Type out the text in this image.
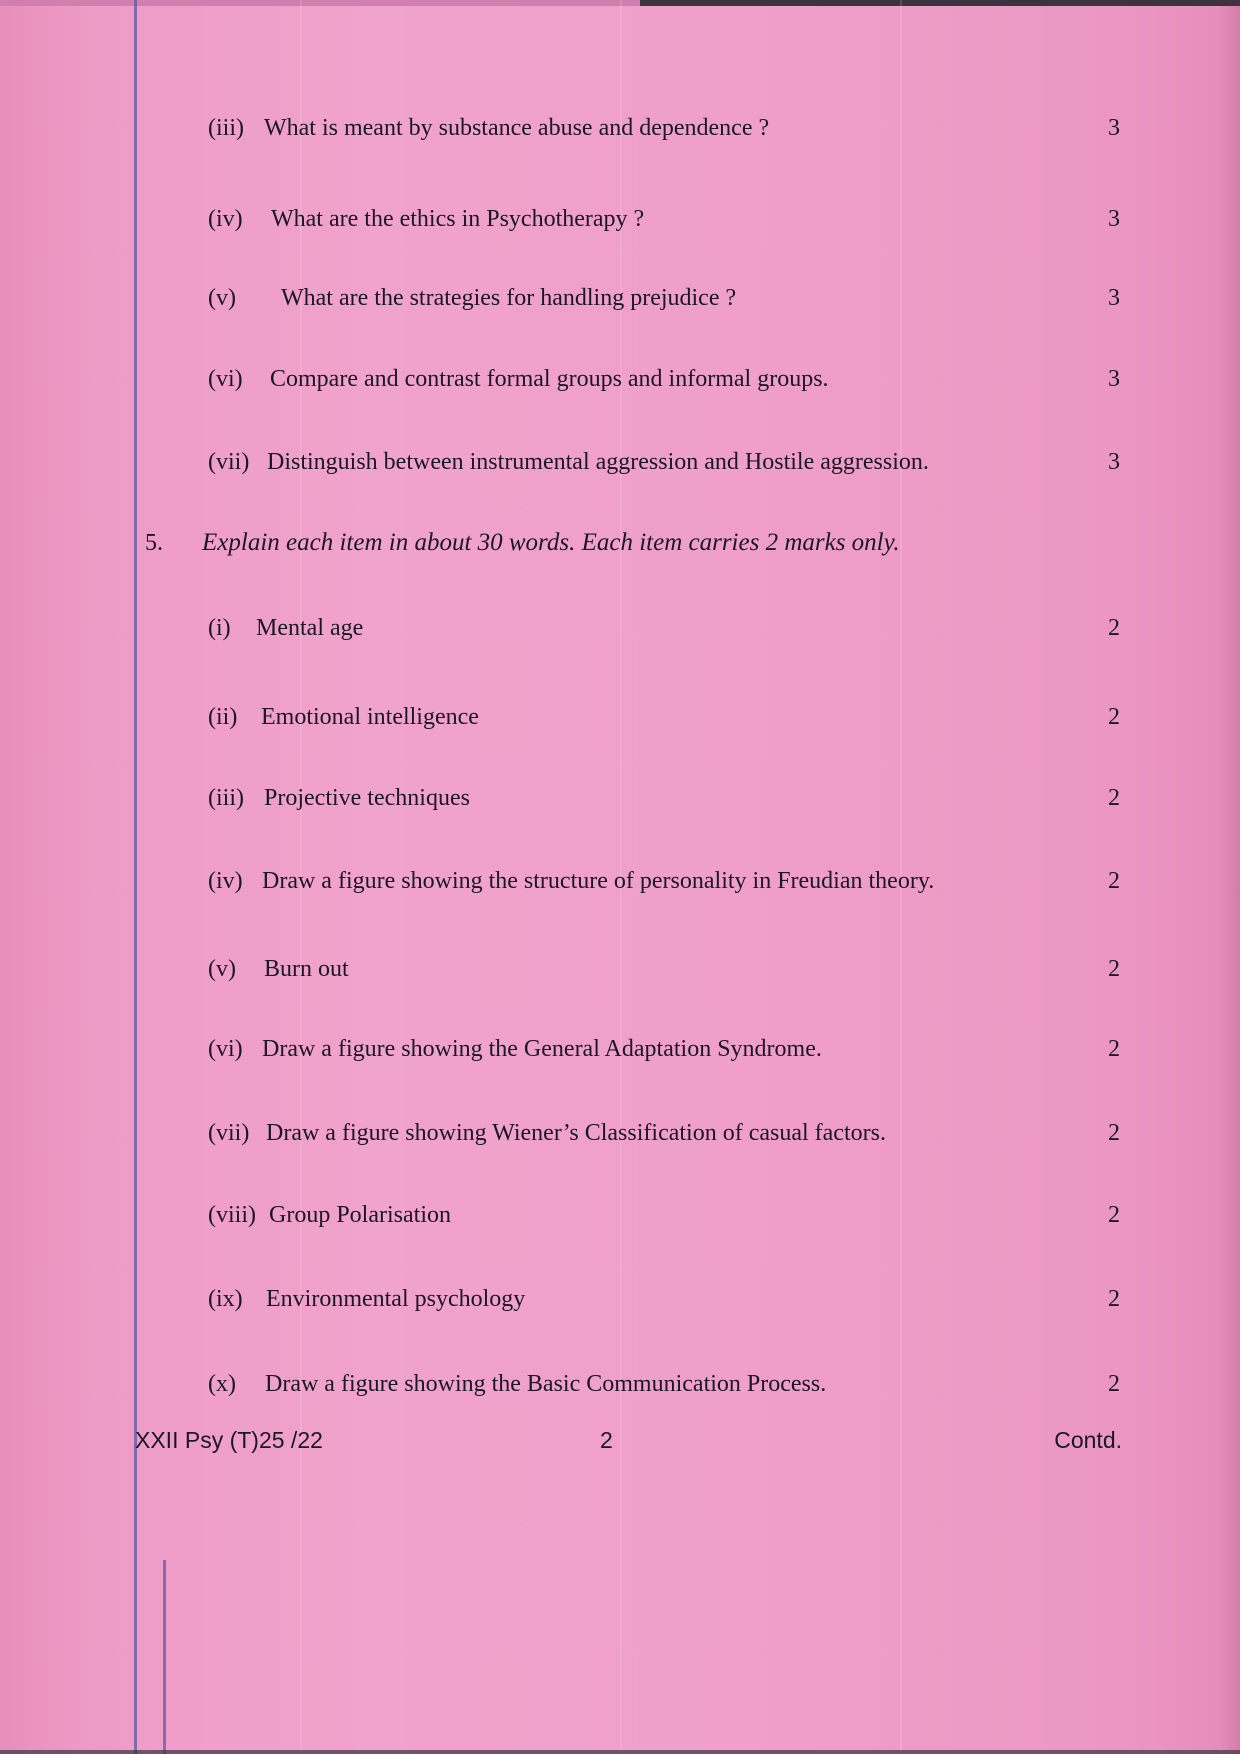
(iii) What is meant by substance abuse and dependence ?	3
(iv) What are the ethics in Psychotherapy ?	3
(v) What are the strategies for handling prejudice ?	3
(vi) Compare and contrast formal groups and informal groups.	3
(vii) Distinguish between instrumental aggression and Hostile aggression.	3
5. Explain each item in about 30 words. Each item carries 2 marks only.
(i) Mental age	2
(ii) Emotional intelligence	2
(iii) Projective techniques	2
(iv) Draw a figure showing the structure of personality in Freudian theory.	2
(v) Burn out	2
(vi) Draw a figure showing the General Adaptation Syndrome.	2
(vii) Draw a figure showing Wiener’s Classification of casual factors.	2
(viii) Group Polarisation	2
(ix) Environmental psychology	2
(x) Draw a figure showing the Basic Communication Process.	2
XXII Psy (T)25 /22	2	Contd.
